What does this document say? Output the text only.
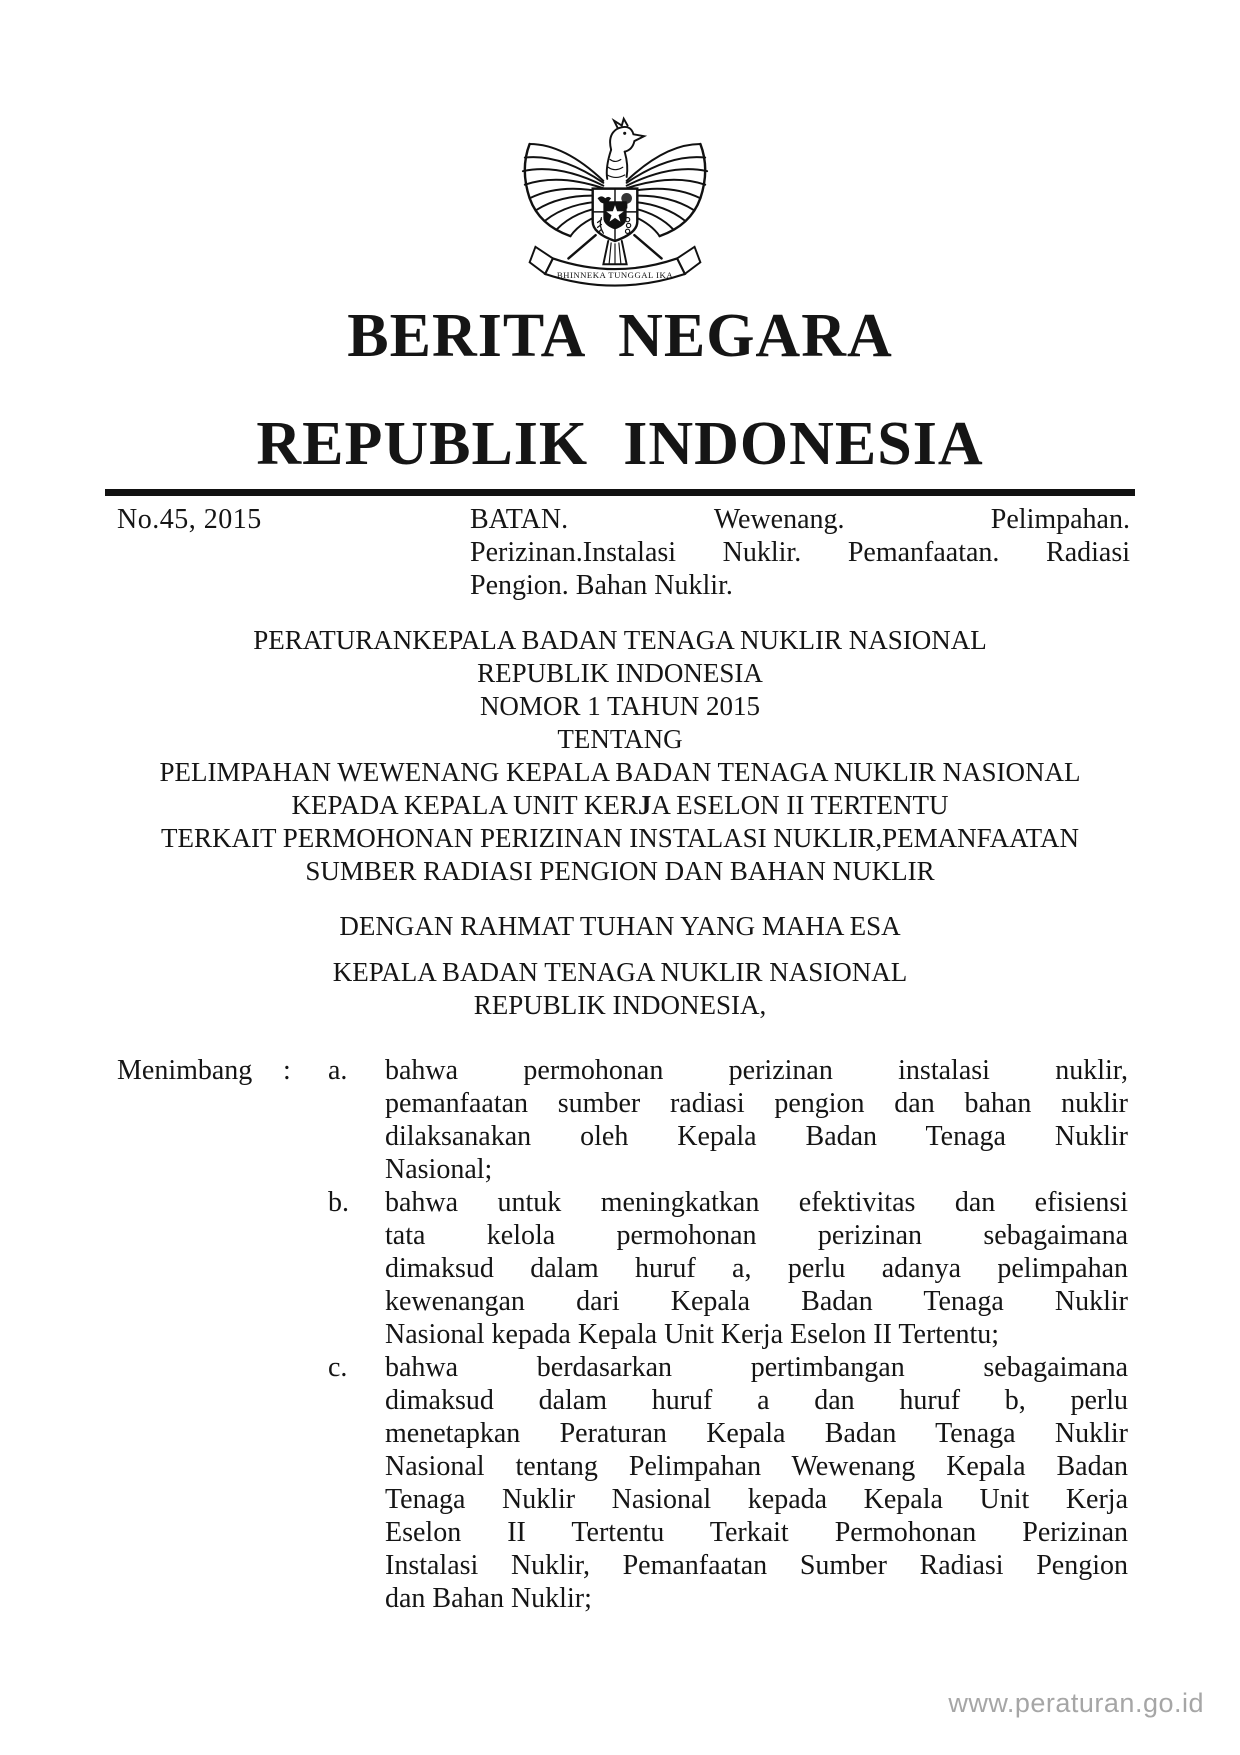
BHINNEKA TUNGGAL IKA
BERITA NEGARA
REPUBLIK INDONESIA
No.45, 2015	BATAN. Wewenang. Pelimpahan.
Perizinan.Instalasi Nuklir. Pemanfaatan. Radiasi
Pengion. Bahan Nuklir.
PERATURANKEPALA BADAN TENAGA NUKLIR NASIONAL
REPUBLIK INDONESIA
NOMOR 1 TAHUN 2015
TENTANG
PELIMPAHAN WEWENANG KEPALA BADAN TENAGA NUKLIR NASIONAL
KEPADA KEPALA UNIT KERJA ESELON II TERTENTU
TERKAIT PERMOHONAN PERIZINAN INSTALASI NUKLIR,PEMANFAATAN
SUMBER RADIASI PENGION DAN BAHAN NUKLIR
DENGAN RAHMAT TUHAN YANG MAHA ESA
KEPALA BADAN TENAGA NUKLIR NASIONAL
REPUBLIK INDONESIA,
Menimbang	:	a.	bahwa permohonan perizinan instalasi nuklir,
pemanfaatan sumber radiasi pengion dan bahan nuklir
dilaksanakan oleh Kepala Badan Tenaga Nuklir
Nasional;
b.	bahwa untuk meningkatkan efektivitas dan efisiensi
tata kelola permohonan perizinan sebagaimana
dimaksud dalam huruf a, perlu adanya pelimpahan
kewenangan dari Kepala Badan Tenaga Nuklir
Nasional kepada Kepala Unit Kerja Eselon II Tertentu;
c.	bahwa berdasarkan pertimbangan sebagaimana
dimaksud dalam huruf a dan huruf b, perlu
menetapkan Peraturan Kepala Badan Tenaga Nuklir
Nasional tentang Pelimpahan Wewenang Kepala Badan
Tenaga Nuklir Nasional kepada Kepala Unit Kerja
Eselon II Tertentu Terkait Permohonan Perizinan
Instalasi Nuklir, Pemanfaatan Sumber Radiasi Pengion
dan Bahan Nuklir;
www.peraturan.go.id
